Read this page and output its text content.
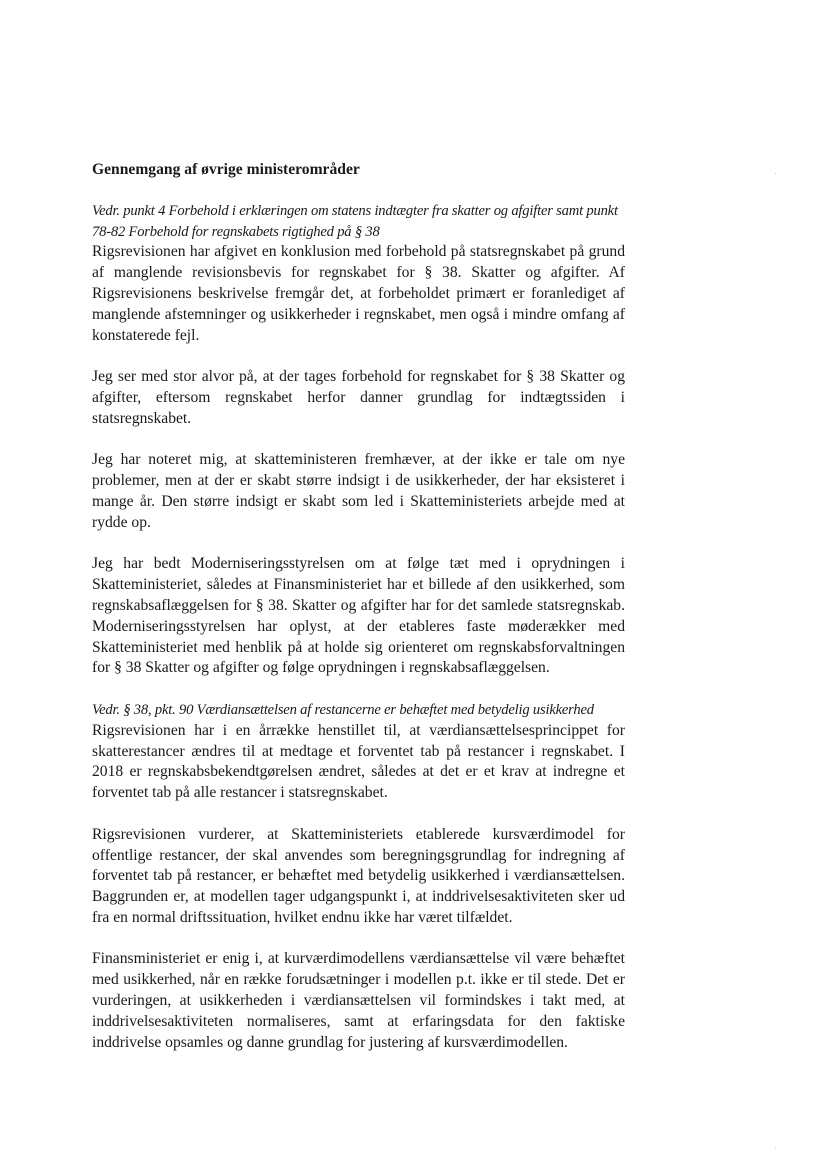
Gennemgang af øvrige ministerområder
Vedr. punkt 4 Forbehold i erklæringen om statens indtægter fra skatter og afgifter samt punkt 78-82 Forbehold for regnskabets rigtighed på § 38

Rigsrevisionen har afgivet en konklusion med forbehold på statsregnskabet på grund af manglende revisionsbevis for regnskabet for § 38. Skatter og afgifter. Af Rigsrevisionens beskrivelse fremgår det, at forbeholdet primært er foranlediget af manglende afstemninger og usikkerheder i regnskabet, men også i mindre omfang af konstaterede fejl.

Jeg ser med stor alvor på, at der tages forbehold for regnskabet for § 38 Skatter og afgifter, eftersom regnskabet herfor danner grundlag for indtægtssiden i statsregnskabet.

Jeg har noteret mig, at skatteministeren fremhæver, at der ikke er tale om nye problemer, men at der er skabt større indsigt i de usikkerheder, der har eksisteret i mange år. Den større indsigt er skabt som led i Skatteministeriets arbejde med at rydde op.

Jeg har bedt Moderniseringsstyrelsen om at følge tæt med i oprydningen i Skatteministeriet, således at Finansministeriet har et billede af den usikkerhed, som regnskabsaflæggelsen for § 38. Skatter og afgifter har for det samlede statsregnskab. Moderniseringsstyrelsen har oplyst, at der etableres faste møderækker med Skatteministeriet med henblik på at holde sig orienteret om regnskabsforvaltningen for § 38 Skatter og afgifter og følge oprydningen i regnskabsaflæggelsen.

Vedr. § 38, pkt. 90 Værdiansættelsen af restancerne er behæftet med betydelig usikkerhed

Rigsrevisionen har i en årrække henstillet til, at værdiansættelsesprincippet for skatterestancer ændres til at medtage et forventet tab på restancer i regnskabet. I 2018 er regnskabsbekendtgørelsen ændret, således at det er et krav at indregne et forventet tab på alle restancer i statsregnskabet.

Rigsrevisionen vurderer, at Skatteministeriets etablerede kursværdimodel for offentlige restancer, der skal anvendes som beregningsgrundlag for indregning af forventet tab på restancer, er behæftet med betydelig usikkerhed i værdiansættelsen. Baggrunden er, at modellen tager udgangspunkt i, at inddrivelsesaktiviteten sker ud fra en normal driftssituation, hvilket endnu ikke har været tilfældet.

Finansministeriet er enig i, at kurværdimodellens værdiansættelse vil være behæftet med usikkerhed, når en række forudsætninger i modellen p.t. ikke er til stede. Det er vurderingen, at usikkerheden i værdiansættelsen vil formindskes i takt med, at inddrivelsesaktiviteten normaliseres, samt at erfaringsdata for den faktiske inddrivelse opsamles og danne grundlag for justering af kursværdimodellen.
